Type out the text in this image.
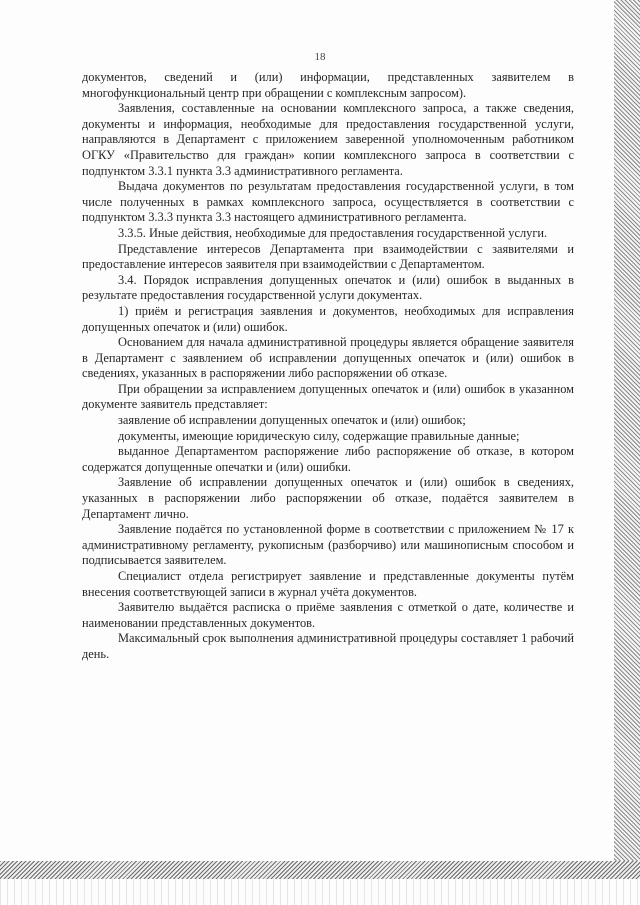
18

документов, сведений и (или) информации, представленных заявителем в многофункциональный центр при обращении с комплексным запросом).

Заявления, составленные на основании комплексного запроса, а также сведения, документы и информация, необходимые для предоставления государственной услуги, направляются в Департамент с приложением заверенной уполномоченным работником ОГКУ «Правительство для граждан» копии комплексного запроса в соответствии с подпунктом 3.3.1 пункта 3.3 административного регламента.

Выдача документов по результатам предоставления государственной услуги, в том числе полученных в рамках комплексного запроса, осуществляется в соответствии с подпунктом 3.3.3 пункта 3.3 настоящего административного регламента.

3.3.5. Иные действия, необходимые для предоставления государственной услуги.

Представление интересов Департамента при взаимодействии с заявителями и предоставление интересов заявителя при взаимодействии с Департаментом.

3.4. Порядок исправления допущенных опечаток и (или) ошибок в выданных в результате предоставления государственной услуги документах.

1) приём и регистрация заявления и документов, необходимых для исправления допущенных опечаток и (или) ошибок.

Основанием для начала административной процедуры является обращение заявителя в Департамент с заявлением об исправлении допущенных опечаток и (или) ошибок в сведениях, указанных в распоряжении либо распоряжении об отказе.

При обращении за исправлением допущенных опечаток и (или) ошибок в указанном документе заявитель представляет:

заявление об исправлении допущенных опечаток и (или) ошибок;

документы, имеющие юридическую силу, содержащие правильные данные;

выданное Департаментом распоряжение либо распоряжение об отказе, в котором содержатся допущенные опечатки и (или) ошибки.

Заявление об исправлении допущенных опечаток и (или) ошибок в сведениях, указанных в распоряжении либо распоряжении об отказе, подаётся заявителем в Департамент лично.

Заявление подаётся по установленной форме в соответствии с приложением № 17 к административному регламенту, рукописным (разборчиво) или машинописным способом и подписывается заявителем.

Специалист отдела регистрирует заявление и представленные документы путём внесения соответствующей записи в журнал учёта документов.

Заявителю выдаётся расписка о приёме заявления с отметкой о дате, количестве и наименовании представленных документов.

Максимальный срок выполнения административной процедуры составляет 1 рабочий день.
